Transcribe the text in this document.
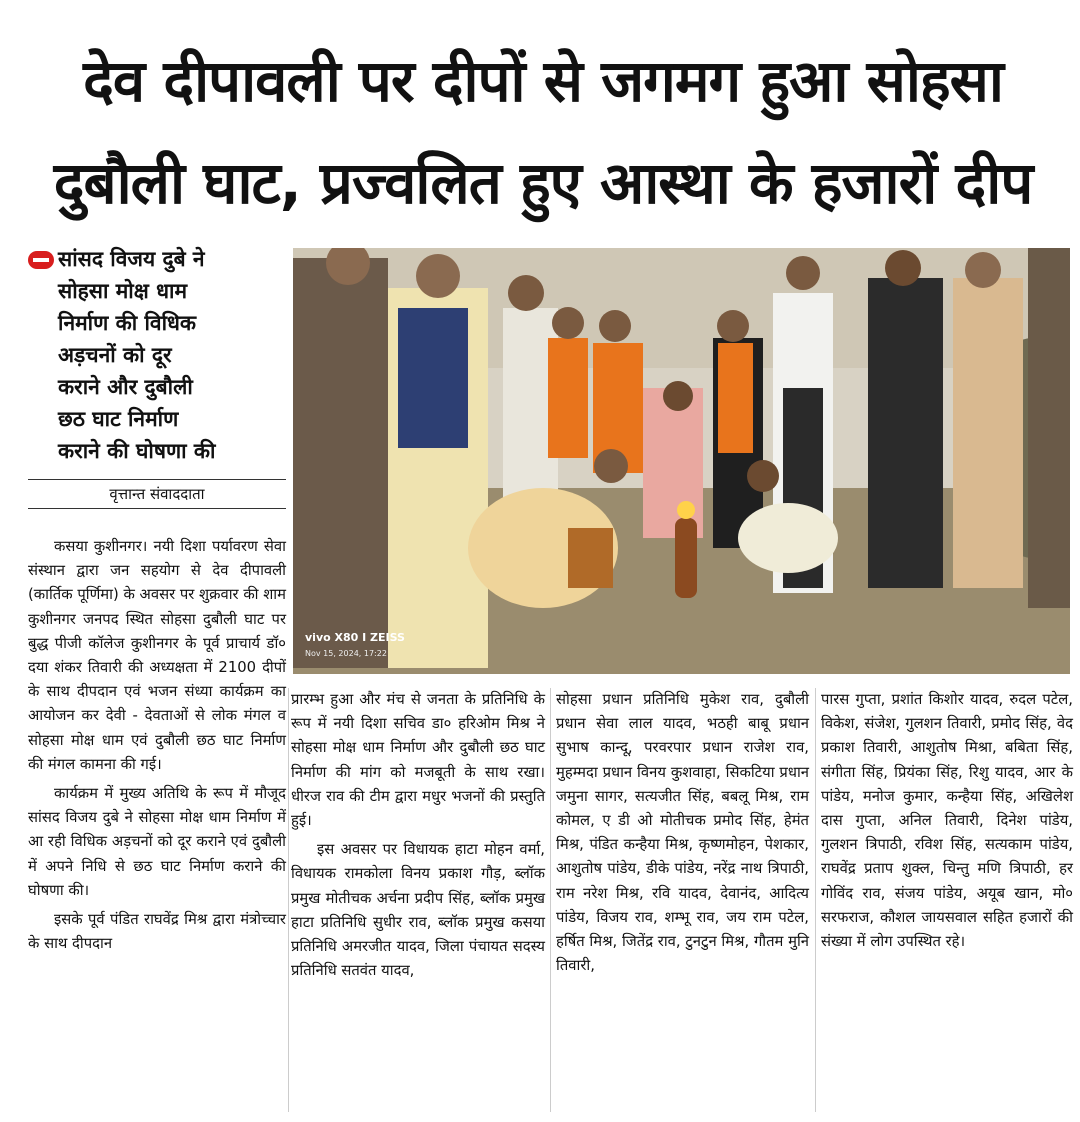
देव दीपावली पर दीपों से जगमग हुआ सोहसा
दुबौली घाट, प्रज्वलित हुए आस्था के हजारों दीप
सांसद विजय दुबे ने
सोहसा मोक्ष धाम
निर्माण की विधिक
अड़चनों को दूर
कराने और दुबौली
छठ घाट निर्माण
कराने की घोषणा की
वृत्तान्त संवाददाता
vivo X80 I ZEISS
Nov 15, 2024, 17:22

कसया कुशीनगर। नयी दिशा पर्यावरण सेवा संस्थान द्वारा जन सहयोग से देव दीपावली (कार्तिक पूर्णिमा) के अवसर पर शुक्रवार की शाम कुशीनगर जनपद स्थित सोहसा दुबौली घाट पर बुद्ध पीजी कॉलेज कुशीनगर के पूर्व प्राचार्य डॉ० दया शंकर तिवारी की अध्यक्षता में 2100 दीपों के साथ दीपदान एवं भजन संध्या कार्यक्रम का आयोजन कर देवी - देवताओं से लोक मंगल व सोहसा मोक्ष धाम एवं दुबौली छठ घाट निर्माण की मंगल कामना की गई।

कार्यक्रम में मुख्य अतिथि के रूप में मौजूद सांसद विजय दुबे ने सोहसा मोक्ष धाम निर्माण में आ रही विधिक अड़चनों को दूर कराने एवं दुबौली में अपने निधि से छठ घाट निर्माण कराने की घोषणा की।

इसके पूर्व पंडित राघवेंद्र मिश्र द्वारा मंत्रोच्चार के साथ दीपदान

प्रारम्भ हुआ और मंच से जनता के प्रतिनिधि के रूप में नयी दिशा सचिव डा० हरिओम मिश्र ने सोहसा मोक्ष धाम निर्माण और दुबौली छठ घाट निर्माण की मांग को मजबूती के साथ रखा। धीरज राव की टीम द्वारा मधुर भजनों की प्रस्तुति हुई।

इस अवसर पर विधायक हाटा मोहन वर्मा, विधायक रामकोला विनय प्रकाश गौड़, ब्लॉक प्रमुख मोतीचक अर्चना प्रदीप सिंह, ब्लॉक प्रमुख हाटा प्रतिनिधि सुधीर राव, ब्लॉक प्रमुख कसया प्रतिनिधि अमरजीत यादव, जिला पंचायत सदस्य प्रतिनिधि सतवंत यादव,

सोहसा प्रधान प्रतिनिधि मुकेश राव, दुबौली प्रधान सेवा लाल यादव, भठही बाबू प्रधान सुभाष कान्दू, परवरपार प्रधान राजेश राव, मुहम्मदा प्रधान विनय कुशवाहा, सिकटिया प्रधान जमुना सागर, सत्यजीत सिंह, बबलू मिश्र, राम कोमल, ए डी ओ मोतीचक प्रमोद सिंह, हेमंत मिश्र, पंडित कन्हैया मिश्र, कृष्णमोहन, पेशकार, आशुतोष पांडेय, डीके पांडेय, नरेंद्र नाथ त्रिपाठी, राम नरेश मिश्र, रवि यादव, देवानंद, आदित्य पांडेय, विजय राव, शम्भू राव, जय राम पटेल, हर्षित मिश्र, जितेंद्र राव, टुनटुन मिश्र, गौतम मुनि तिवारी,

पारस गुप्ता, प्रशांत किशोर यादव, रुदल पटेल, विकेश, संजेश, गुलशन तिवारी, प्रमोद सिंह, वेद प्रकाश तिवारी, आशुतोष मिश्रा, बबिता सिंह, संगीता सिंह, प्रियंका सिंह, रिशु यादव, आर के पांडेय, मनोज कुमार, कन्हैया सिंह, अखिलेश दास गुप्ता, अनिल तिवारी, दिनेश पांडेय, गुलशन त्रिपाठी, रविश सिंह, सत्यकाम पांडेय, राघवेंद्र प्रताप शुक्ल, चिन्तु मणि त्रिपाठी, हर गोविंद राव, संजय पांडेय, अयूब खान, मो० सरफराज, कौशल जायसवाल सहित हजारों की संख्या में लोग उपस्थित रहे।
